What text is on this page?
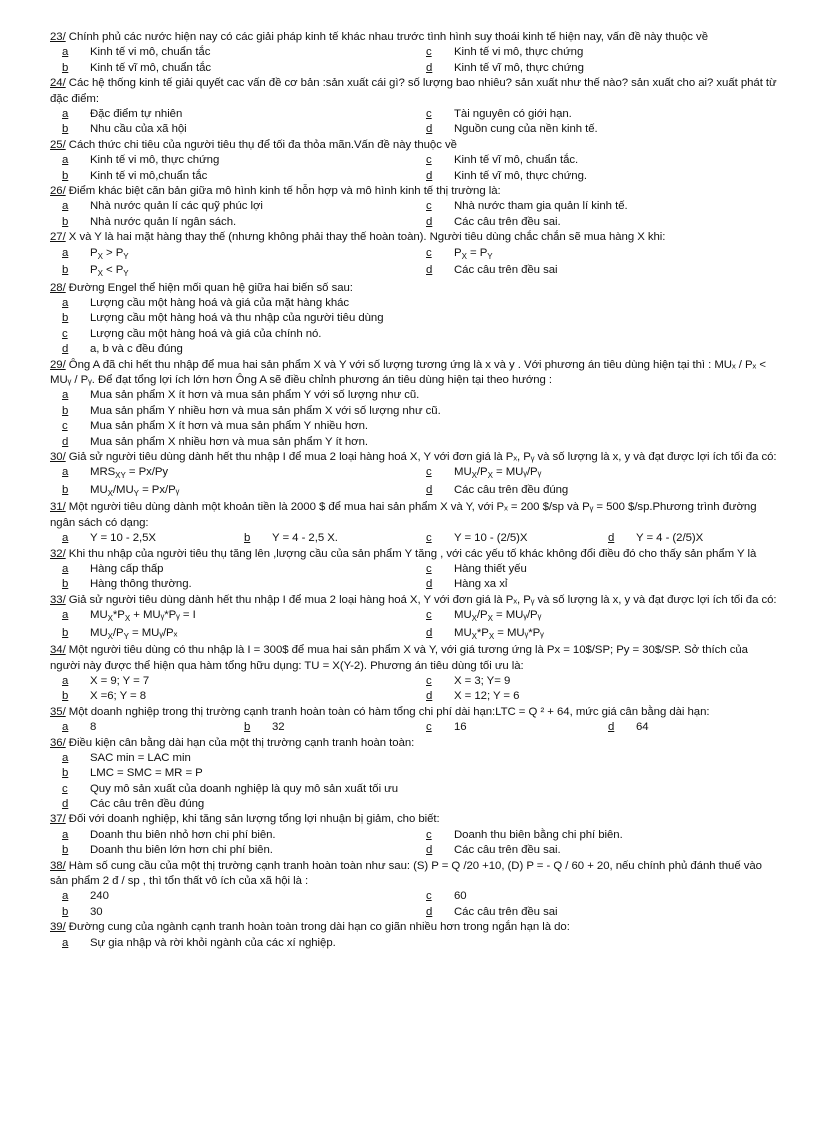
23/ Chính phủ các nước hiện nay có các giải pháp kinh tế khác nhau trước tình hình suy thoái kinh tế hiện nay, vấn đề này thuộc về
a	Kinh tế vi mô, chuẩn tắc	c	Kinh tế vi mô, thực chứng
b	Kinh tế vĩ mô, chuẩn tắc	d	Kinh tế vĩ mô, thực chứng
24/ Các hệ thống kinh tế giải quyết cac vấn đề cơ bản :sản xuất cái gì? số lượng bao nhiêu? sản xuất như thế nào? sản xuất cho ai? xuất phát từ đặc điểm:
a	Đặc điểm tự nhiên	c	Tài nguyên có giới hạn.
b	Nhu cầu của xã hội	d	Nguồn cung của nền kinh tế.
25/ Cách thức chi tiêu của người tiêu thụ để tối đa thỏa mãn.Vấn đề này thuộc về
a	Kinh tế vi mô, thực chứng	c	Kinh tế vĩ mô, chuẩn tắc.
b	Kinh tế vi mô,chuẩn tắc	d	Kinh tế vĩ mô, thực chứng.
26/ Điểm khác biệt căn bản giữa mô hình kinh tế hỗn hợp và mô hình kinh tế thị trường là:
a	Nhà nước quản lí các quỹ phúc lợi	c	Nhà nước tham gia quản lí kinh tế.
b	Nhà nước quản lí ngân sách.	d	Các câu trên đều sai.
27/ X và Y là hai mặt hàng thay thế (nhưng không phải thay thế hoàn toàn). Người tiêu dùng chắc chắn sẽ mua hàng X khi:
a	$P_X > P_Y$	c	$P_X = P_Y$
b	$P_X < P_Y$	d	Các câu trên đều sai
28/ Đường Engel thể hiện mối quan hệ giữa hai biến số sau:
a	Lượng cầu một hàng hoá và giá của mặt hàng khác
b	Lượng cầu một hàng hoá và thu nhập của người tiêu dùng
c	Lượng cầu một hàng hoá và giá của chính nó.
d	a, b và c đều đúng
29/ Ông A đã chi hết thu nhập để mua hai sản phẩm X và Y với số lượng tương ứng là x và y . Với phương án tiêu dùng hiện tại thì : MUₓ / Pₓ < MUᵧ / Pᵧ. Để đạt tổng lợi ích lớn hơn Ông A sẽ điều chỉnh phương án tiêu dùng hiện tại theo hướng :
a	Mua sản phẩm X ít hơn và mua sản phẩm Y với số lượng như cũ.
b	Mua sản phẩm Y nhiều hơn và mua sản phẩm X với số lượng như cũ.
c	Mua sản phẩm X ít hơn và mua sản phẩm Y nhiều hơn.
d	Mua sản phẩm X nhiều hơn và mua sản phẩm Y ít hơn.
30/ Giả sử người tiêu dùng dành hết thu nhập I để mua 2 loại hàng hoá X, Y với đơn giá là Pₓ, Pᵧ và số lượng là x, y và đạt được lợi ích tối đa có:
a	$MRS_{XY} = Px/Py$	c	$MU_X/P_X$ = MUᵧ/Pᵧ
b	$MU_X/MU_Y$ = Px/Pᵧ	d	Các câu trên đều đúng
31/ Một người tiêu dùng dành một khoản tiền là 2000 $ để mua hai sản phẩm X và Y, với Pₓ = 200 $/sp và Pᵧ = 500 $/sp.Phương trình đường ngân sách có dạng:
a	Y = 10 - 2,5X	b	Y = 4 - 2,5 X.	c	Y = 10 - (2/5)X	d	Y = 4 - (2/5)X
32/ Khi thu nhập của người tiêu thụ tăng lên ,lượng cầu của sản phẩm Y tăng , với các yếu tố khác không đổi điều đó cho thấy sản phẩm Y là
a	Hàng cấp thấp	c	Hàng thiết yếu
b	Hàng thông thường.	d	Hàng xa xỉ
33/ Giả sử người tiêu dùng dành hết thu nhập I để mua 2 loại hàng hoá X, Y với đơn giá là Pₓ, Pᵧ và số lượng là x, y và đạt được lợi ích tối đa có:
a	$MU_X*P_X$ + MUᵧ*Pᵧ = I	c	$MU_X/P_X$ = MUᵧ/Pᵧ
b	$MU_X/P_Y$ = MUᵧ/Pₓ	d	$MU_X*P_X$ = MUᵧ*Pᵧ
34/ Một người tiêu dùng có thu nhập là I = 300$ để mua hai sản phẩm X và Y, với giá tương ứng là Px = 10$/SP; Py = 30$/SP. Sở thích của người này được thể hiện qua hàm tổng hữu dụng: TU = X(Y-2). Phương án tiêu dùng tối ưu là:
a	X = 9; Y = 7	c	X = 3; Y= 9
b	X =6; Y = 8	d	X = 12; Y = 6
35/ Một doanh nghiệp trong thị trường cạnh tranh hoàn toàn có hàm tổng chi phí dài hạn:LTC = Q ² + 64, mức giá cân bằng dài hạn:
a	8	b	32	c	16	d	64
36/ Điều kiện cân bằng dài hạn của một thị trường cạnh tranh hoàn toàn:
a	SAC min = LAC min
b	LMC = SMC = MR = P
c	Quy mô sản xuất của doanh nghiệp là quy mô sản xuất tối ưu
d	Các câu trên đều đúng
37/ Đối với doanh nghiệp, khi tăng sản lượng tổng lợi nhuận bị giảm, cho biết:
a	Doanh thu biên nhỏ hơn chi phí biên.	c	Doanh thu biên bằng chi phí biên.
b	Doanh thu biên lớn hơn chi phí biên.	d	Các câu trên đều sai.
38/ Hàm số cung cầu của một thị trường cạnh tranh hoàn toàn như sau: (S) P = Q /20 +10, (D) P = - Q / 60 + 20, nếu chính phủ đánh thuế vào sản phẩm 2 đ / sp , thì tổn thất vô ích của xã hội là :
a	240	c	60
b	30	d	Các câu trên đều sai
39/ Đường cung của ngành cạnh tranh hoàn toàn trong dài hạn co giãn nhiều hơn trong ngắn hạn là do:
a	Sự gia nhập và rời khỏi ngành của các xí nghiệp.
